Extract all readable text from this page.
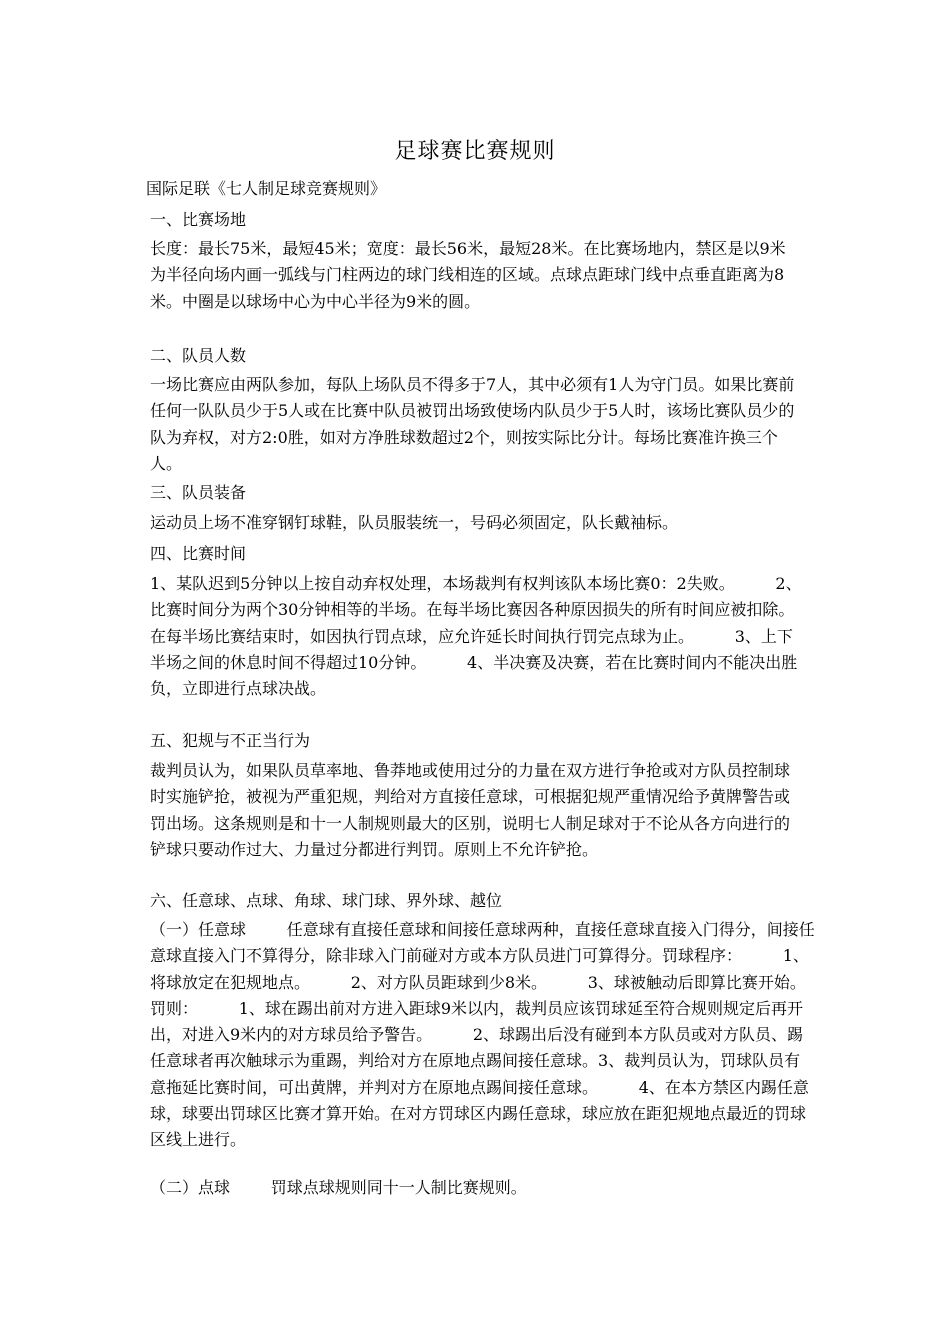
足球赛比赛规则
国际足联《七人制足球竞赛规则》
一、比赛场地
长度：最长75米，最短45米；宽度：最长56米，最短28米。在比赛场地内，禁区是以9米为半径向场内画一弧线与门柱两边的球门线相连的区域。点球点距球门线中点垂直距离为8米。中圈是以球场中心为中心半径为9米的圆。
二、队员人数
一场比赛应由两队参加，每队上场队员不得多于7人，其中必须有1人为守门员。如果比赛前任何一队队员少于5人或在比赛中队员被罚出场致使场内队员少于5人时，该场比赛队员少的队为弃权，对方2:0胜，如对方净胜球数超过2个，则按实际比分计。每场比赛准许换三个人。
三、队员装备
运动员上场不准穿钢钉球鞋，队员服装统一，号码必须固定，队长戴袖标。
四、比赛时间
1、某队迟到5分钟以上按自动弃权处理，本场裁判有权判该队本场比赛0：2失败。        2、比赛时间分为两个30分钟相等的半场。在每半场比赛因各种原因损失的所有时间应被扣除。在每半场比赛结束时，如因执行罚点球，应允许延长时间执行罚完点球为止。        3、上下半场之间的休息时间不得超过10分钟。        4、半决赛及决赛，若在比赛时间内不能决出胜负，立即进行点球决战。
五、犯规与不正当行为
裁判员认为，如果队员草率地、鲁莽地或使用过分的力量在双方进行争抢或对方队员控制球时实施铲抢，被视为严重犯规，判给对方直接任意球，可根据犯规严重情况给予黄牌警告或罚出场。这条规则是和十一人制规则最大的区别，说明七人制足球对于不论从各方向进行的铲球只要动作过大、力量过分都进行判罚。原则上不允许铲抢。
六、任意球、点球、角球、球门球、界外球、越位
（一）任意球        任意球有直接任意球和间接任意球两种，直接任意球直接入门得分，间接任意球直接入门不算得分，除非球入门前碰对方或本方队员进门可算得分。罚球程序：        1、将球放定在犯规地点。        2、对方队员距球到少8米。        3、球被触动后即算比赛开始。 罚则：        1、球在踢出前对方进入距球9米以内，裁判员应该罚球延至符合规则规定后再开出，对进入9米内的对方球员给予警告。        2、球踢出后没有碰到本方队员或对方队员、踢任意球者再次触球示为重踢，判给对方在原地点踢间接任意球。3、裁判员认为，罚球队员有意拖延比赛时间，可出黄牌，并判对方在原地点踢间接任意球。        4、在本方禁区内踢任意球，球要出罚球区比赛才算开始。在对方罚球区内踢任意球，球应放在距犯规地点最近的罚球区线上进行。
（二）点球        罚球点球规则同十一人制比赛规则。
